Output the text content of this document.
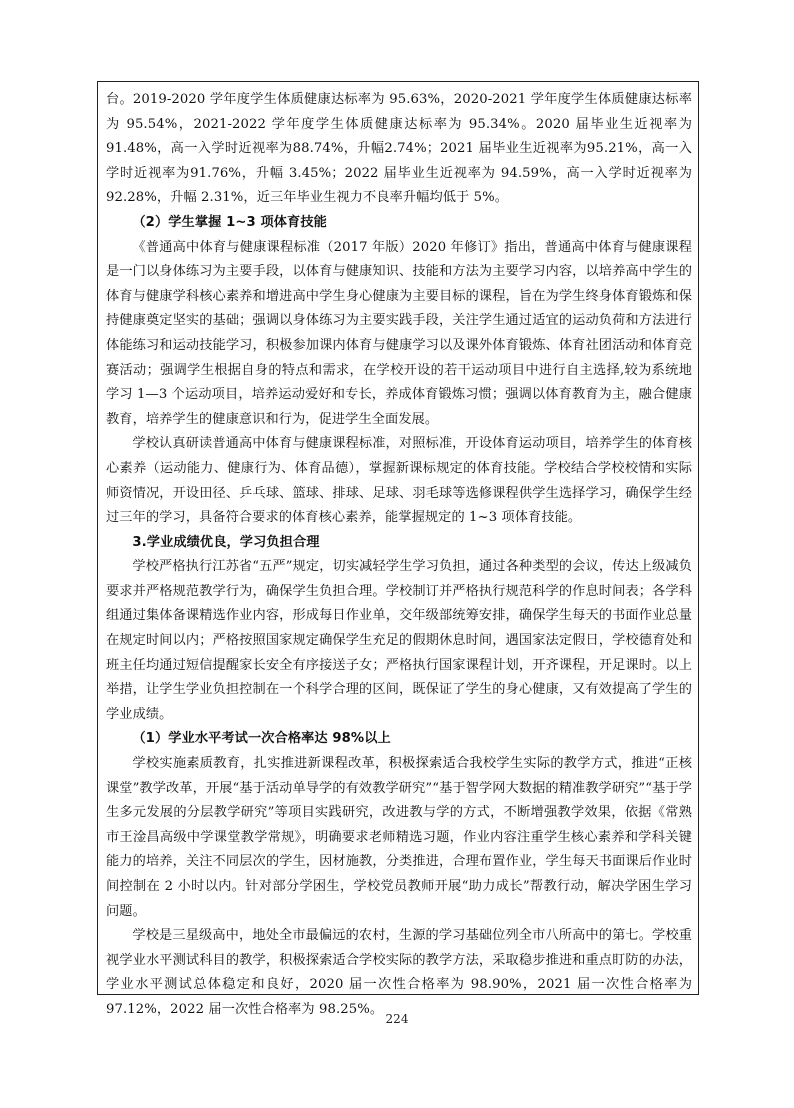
台。2019-2020 学年度学生体质健康达标率为 95.63%，2020-2021 学年度学生体质健康达标率为 95.54%，2021-2022 学年度学生体质健康达标率为 95.34%。2020 届毕业生近视率为 91.48%，高一入学时近视率为88.74%，升幅2.74%；2021 届毕业生近视率为95.21%，高一入学时近视率为91.76%，升幅 3.45%；2022 届毕业生近视率为 94.59%，高一入学时近视率为 92.28%，升幅 2.31%，近三年毕业生视力不良率升幅均低于 5%。

（2）学生掌握 1~3 项体育技能

《普通高中体育与健康课程标准（2017 年版）2020 年修订》指出，普通高中体育与健康课程是一门以身体练习为主要手段，以体育与健康知识、技能和方法为主要学习内容，以培养高中学生的体育与健康学科核心素养和增进高中学生身心健康为主要目标的课程，旨在为学生终身体育锻炼和保持健康奠定坚实的基础；强调以身体练习为主要实践手段，关注学生通过适宜的运动负荷和方法进行体能练习和运动技能学习，积极参加课内体育与健康学习以及课外体育锻炼、体育社团活动和体育竞赛活动；强调学生根据自身的特点和需求，在学校开设的若干运动项目中进行自主选择,较为系统地学习 1—3 个运动项目，培养运动爱好和专长，养成体育锻炼习惯；强调以体育教育为主，融合健康教育，培养学生的健康意识和行为，促进学生全面发展。

学校认真研读普通高中体育与健康课程标准，对照标准，开设体育运动项目，培养学生的体育核心素养（运动能力、健康行为、体育品德），掌握新课标规定的体育技能。学校结合学校校情和实际师资情况，开设田径、乒乓球、篮球、排球、足球、羽毛球等选修课程供学生选择学习，确保学生经过三年的学习，具备符合要求的体育核心素养，能掌握规定的 1~3 项体育技能。

3.学业成绩优良，学习负担合理

学校严格执行江苏省“五严”规定，切实减轻学生学习负担，通过各种类型的会议，传达上级减负要求并严格规范教学行为，确保学生负担合理。学校制订并严格执行规范科学的作息时间表；各学科组通过集体备课精选作业内容，形成每日作业单，交年级部统筹安排，确保学生每天的书面作业总量在规定时间以内；严格按照国家规定确保学生充足的假期休息时间，遇国家法定假日，学校德育处和班主任均通过短信提醒家长安全有序接送子女；严格执行国家课程计划，开齐课程，开足课时。以上举措，让学生学业负担控制在一个科学合理的区间，既保证了学生的身心健康，又有效提高了学生的学业成绩。

（1）学业水平考试一次合格率达 98%以上

学校实施素质教育，扎实推进新课程改革，积极探索适合我校学生实际的教学方式，推进“正核课堂”教学改革，开展“基于活动单导学的有效教学研究”“基于智学网大数据的精准教学研究”“基于学生多元发展的分层教学研究”等项目实践研究，改进教与学的方式，不断增强教学效果，依据《常熟市王淦昌高级中学课堂教学常规》，明确要求老师精选习题，作业内容注重学生核心素养和学科关键能力的培养，关注不同层次的学生，因材施教，分类推进，合理布置作业，学生每天书面课后作业时间控制在 2 小时以内。针对部分学困生，学校党员教师开展“助力成长”帮教行动，解决学困生学习问题。

学校是三星级高中，地处全市最偏远的农村，生源的学习基础位列全市八所高中的第七。学校重视学业水平测试科目的教学，积极探索适合学校实际的教学方法，采取稳步推进和重点盯防的办法，学业水平测试总体稳定和良好，2020 届一次性合格率为 98.90%，2021 届一次性合格率为 97.12%，2022 届一次性合格率为 98.25%。

224
